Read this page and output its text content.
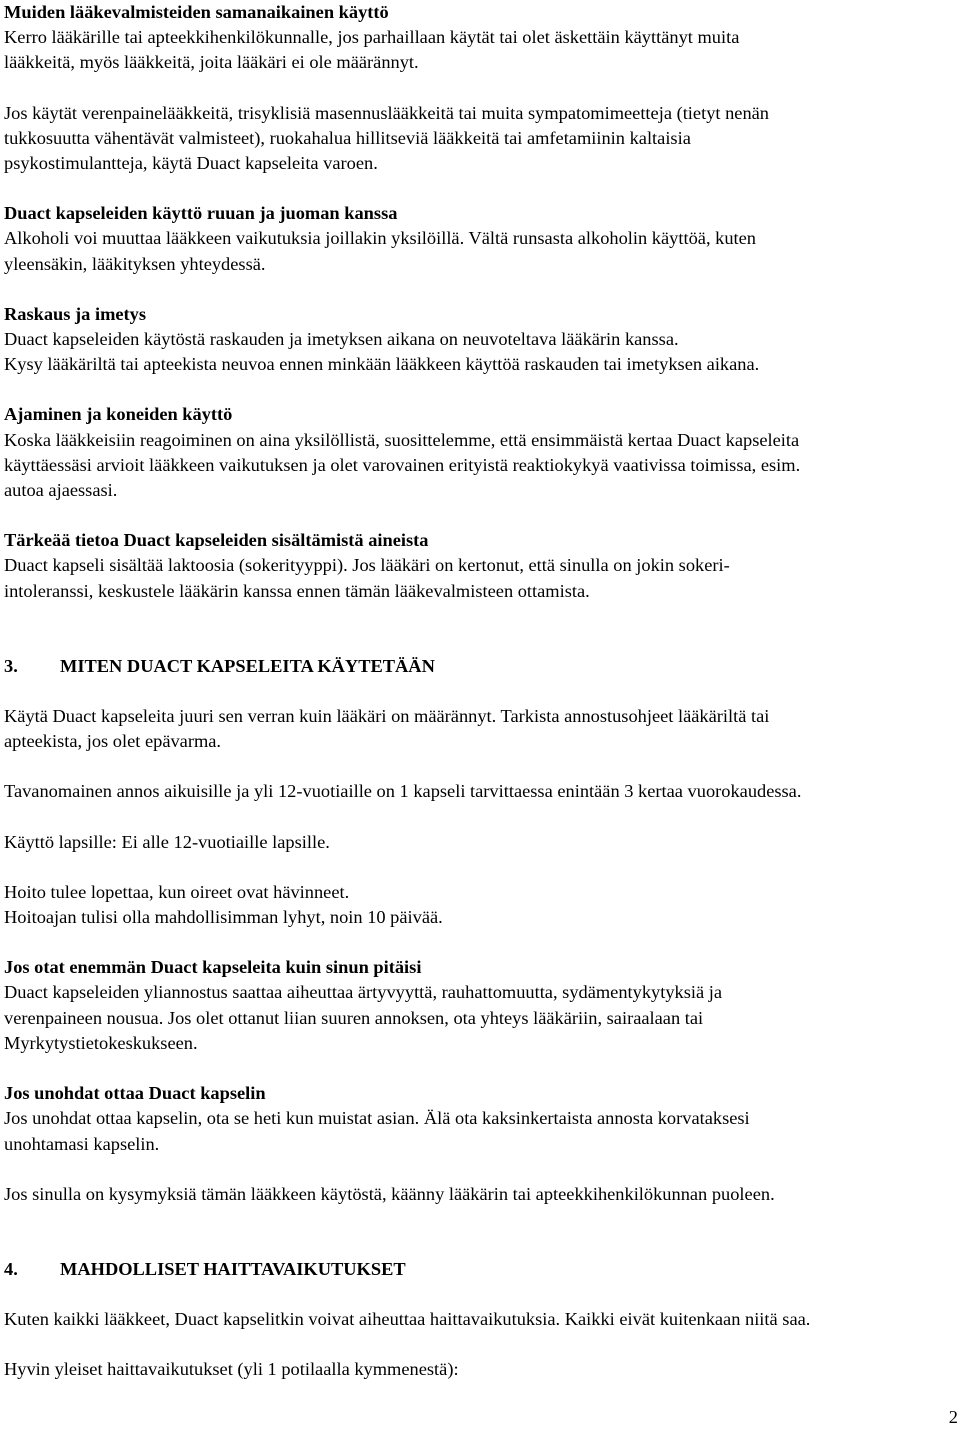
Muiden lääkevalmisteiden samanaikainen käyttö
Kerro lääkärille tai apteekkihenkilökunnalle, jos parhaillaan käytät tai olet äskettäin käyttänyt muita
lääkkeitä, myös lääkkeitä, joita lääkäri ei ole määrännyt.
Jos käytät verenpainelääkkeitä, trisyklisiä masennuslääkkeitä tai muita sympatomimeetteja (tietyt nenän
tukkosuutta vähentävät valmisteet), ruokahalua hillitseviä lääkkeitä tai amfetamiinin kaltaisia
psykostimulantteja, käytä Duact kapseleita varoen.
Duact kapseleiden käyttö ruuan ja juoman kanssa
Alkoholi voi muuttaa lääkkeen vaikutuksia joillakin yksilöillä. Vältä runsasta alkoholin käyttöä, kuten
yleensäkin, lääkityksen yhteydessä.
Raskaus ja imetys
Duact kapseleiden käytöstä raskauden ja imetyksen aikana on neuvoteltava lääkärin kanssa.
Kysy lääkäriltä tai apteekista neuvoa ennen minkään lääkkeen käyttöä raskauden tai imetyksen aikana.
Ajaminen ja koneiden käyttö
Koska lääkkeisiin reagoiminen on aina yksilöllistä, suosittelemme, että ensimmäistä kertaa Duact kapseleita
käyttäessäsi arvioit lääkkeen vaikutuksen ja olet varovainen erityistä reaktiokykyä vaativissa toimissa, esim.
autoa ajaessasi.
Tärkeää tietoa Duact kapseleiden sisältämistä aineista
Duact kapseli sisältää laktoosia (sokerityyppi). Jos lääkäri on kertonut, että sinulla on jokin sokeri-
intoleranssi, keskustele lääkärin kanssa ennen tämän lääkevalmisteen ottamista.
3. MITEN DUACT KAPSELEITA KÄYTETÄÄN
Käytä Duact kapseleita juuri sen verran kuin lääkäri on määrännyt. Tarkista annostusohjeet lääkäriltä tai
apteekista, jos olet epävarma.
Tavanomainen annos aikuisille ja yli 12-vuotiaille on 1 kapseli tarvittaessa enintään 3 kertaa vuorokaudessa.
Käyttö lapsille: Ei alle 12-vuotiaille lapsille.
Hoito tulee lopettaa, kun oireet ovat hävinneet.
Hoitoajan tulisi olla mahdollisimman lyhyt, noin 10 päivää.
Jos otat enemmän Duact kapseleita kuin sinun pitäisi
Duact kapseleiden yliannostus saattaa aiheuttaa ärtyvyyttä, rauhattomuutta, sydämentykytyksiä ja
verenpaineen nousua. Jos olet ottanut liian suuren annoksen, ota yhteys lääkäriin, sairaalaan tai
Myrkytystietokeskukseen.
Jos unohdat ottaa Duact kapselin
Jos unohdat ottaa kapselin, ota se heti kun muistat asian. Älä ota kaksinkertaista annosta korvataksesi
unohtamasi kapselin.
Jos sinulla on kysymyksiä tämän lääkkeen käytöstä, käänny lääkärin tai apteekkihenkilökunnan puoleen.
4. MAHDOLLISET HAITTAVAIKUTUKSET
Kuten kaikki lääkkeet, Duact kapselitkin voivat aiheuttaa haittavaikutuksia. Kaikki eivät kuitenkaan niitä saa.
Hyvin yleiset haittavaikutukset (yli 1 potilaalla kymmenestä):
2
